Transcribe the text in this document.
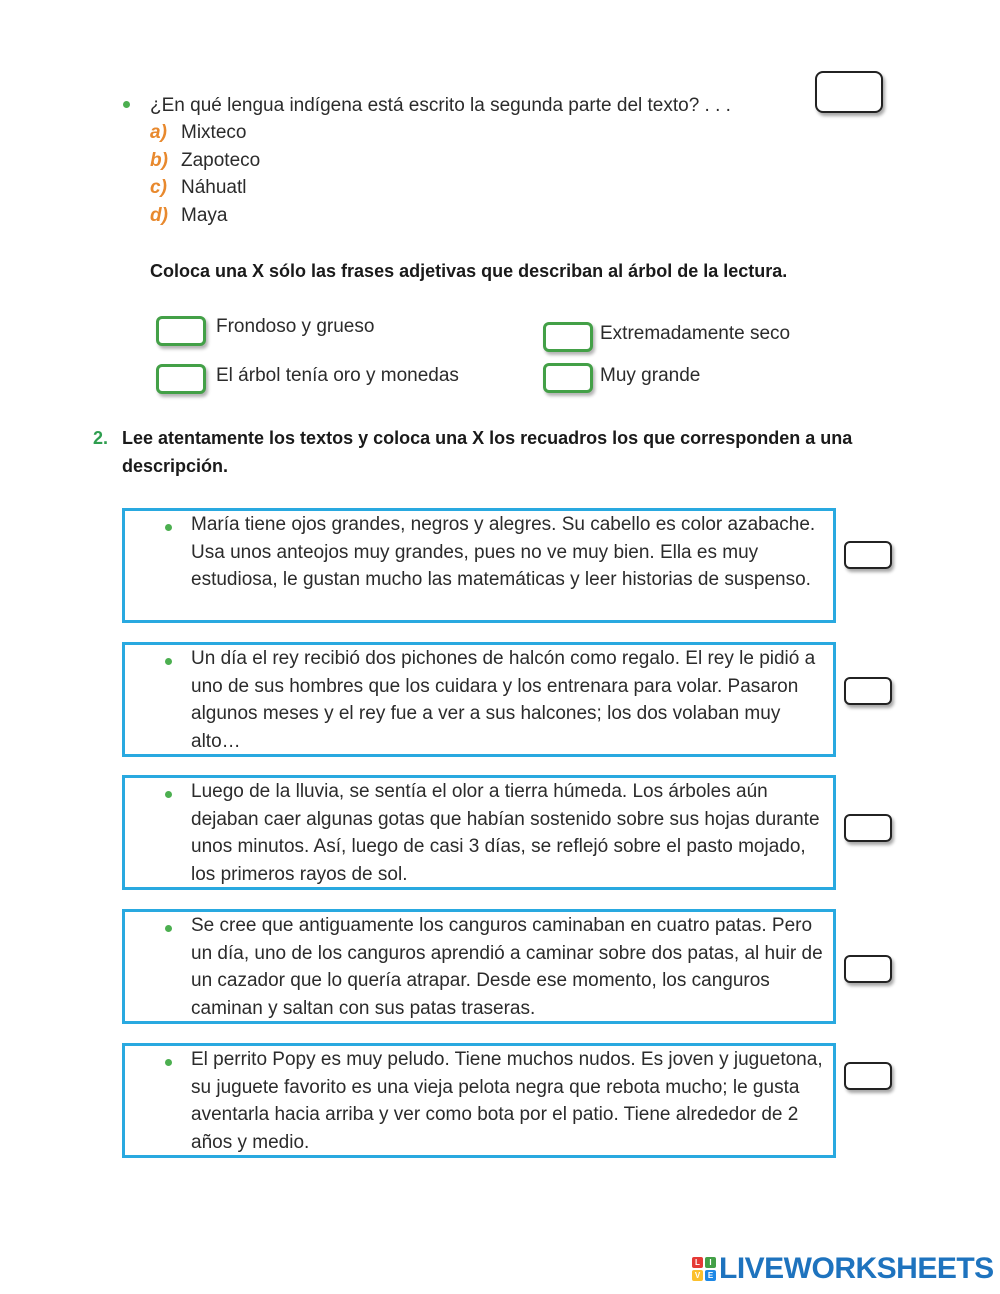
¿En qué lengua indígena está escrito la segunda parte del texto? . . .
a) Mixteco
b) Zapoteco
c) Náhuatl
d) Maya
Coloca una X sólo las frases adjetivas que describan al árbol de la lectura.
Frondoso y grueso	Extremadamente seco
El árbol tenía oro y monedas	Muy grande
2. Lee atentamente los textos y coloca una X los recuadros los que corresponden a una descripción.
María tiene ojos grandes, negros y alegres. Su cabello es color azabache. Usa unos anteojos muy grandes, pues no ve muy bien. Ella es muy estudiosa, le gustan mucho las matemáticas y leer historias de suspenso.
Un día el rey recibió dos pichones de halcón como regalo. El rey le pidió a uno de sus hombres que los cuidara y los entrenara para volar. Pasaron algunos meses y el rey fue a ver a sus halcones; los dos volaban muy alto…
Luego de la lluvia, se sentía el olor a tierra húmeda. Los árboles aún dejaban caer algunas gotas que habían sostenido sobre sus hojas durante unos minutos. Así, luego de casi 3 días, se reflejó sobre el pasto mojado, los primeros rayos de sol.
Se cree que antiguamente los canguros caminaban en cuatro patas. Pero un día, uno de los canguros aprendió a caminar sobre dos patas, al huir de un cazador que lo quería atrapar. Desde ese momento, los canguros caminan y saltan con sus patas traseras.
El perrito Popy es muy peludo. Tiene muchos nudos. Es joven y juguetona, su juguete favorito es una vieja pelota negra que rebota mucho; le gusta aventarla hacia arriba y ver como bota por el patio. Tiene alrededor de 2 años y medio.
L	I
V E LIVEWORKSHEETS
